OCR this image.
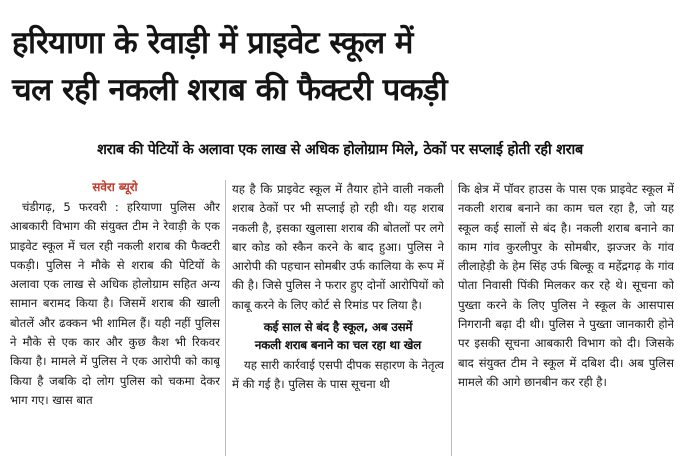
हरियाणा के रेवाड़ी में प्राइवेट स्कूल में
चल रही नकली शराब की फैक्टरी पकड़ी
शराब की पेटियों के अलावा एक लाख से अधिक होलोग्राम मिले, ठेकों पर सप्लाई होती रही शराब
सवेरा ब्यूरो

चंडीगढ़, 5 फरवरी : हरियाणा पुलिस और आबकारी विभाग की संयुक्त टीम ने रेवाड़ी के एक प्राइवेट स्कूल में चल रही नकली शराब की फैक्टरी पकड़ी। पुलिस ने मौके से शराब की पेटियों के अलावा एक लाख से अधिक होलोग्राम सहित अन्य सामान बरामद किया है। जिसमें शराब की खाली बोतलें और ढक्कन भी शामिल हैं। यही नहीं पुलिस ने मौके से एक कार और कुछ कैश भी रिकवर किया है। मामले में पुलिस ने एक आरोपी को काबू किया है जबकि दो लोग पुलिस को चकमा देकर भाग गए। खास बात

यह है कि प्राइवेट स्कूल में तैयार होने वाली नकली शराब ठेकों पर भी सप्लाई हो रही थी। यह शराब नकली है, इसका खुलासा शराब की बोतलों पर लगे बार कोड को स्कैन करने के बाद हुआ। पुलिस ने आरोपी की पहचान सोमबीर उर्फ कालिया के रूप में की है। जिसे पुलिस ने फरार हुए दोनों आरोपियों को काबू करने के लिए कोर्ट से रिमांड पर लिया है।

कई साल से बंद है स्कूल, अब उसमें
नकली शराब बनाने का चल रहा था खेल

यह सारी कार्रवाई एसपी दीपक सहारण के नेतृत्व में की गई है। पुलिस के पास सूचना थी

कि क्षेत्र में पॉवर हाउस के पास एक प्राइवेट स्कूल में नकली शराब बनाने का काम चल रहा है, जो यह स्कूल कई सालों से बंद है। नकली शराब बनाने का काम गांव कुरलीपुर के सोमबीर, झज्जर के गांव लीलाहेड़ी के हेम सिंह उर्फ बिल्कू व महेंद्रगढ़ के गांव पोता निवासी पिंकी मिलकर कर रहे थे। सूचना को पुख्ता करने के लिए पुलिस ने स्कूल के आसपास निगरानी बढ़ा दी थी। पुलिस ने पुख्ता जानकारी होने पर इसकी सूचना आबकारी विभाग को दी। जिसके बाद संयुक्त टीम ने स्कूल में दबिश दी। अब पुलिस मामले की आगे छानबीन कर रही है।
